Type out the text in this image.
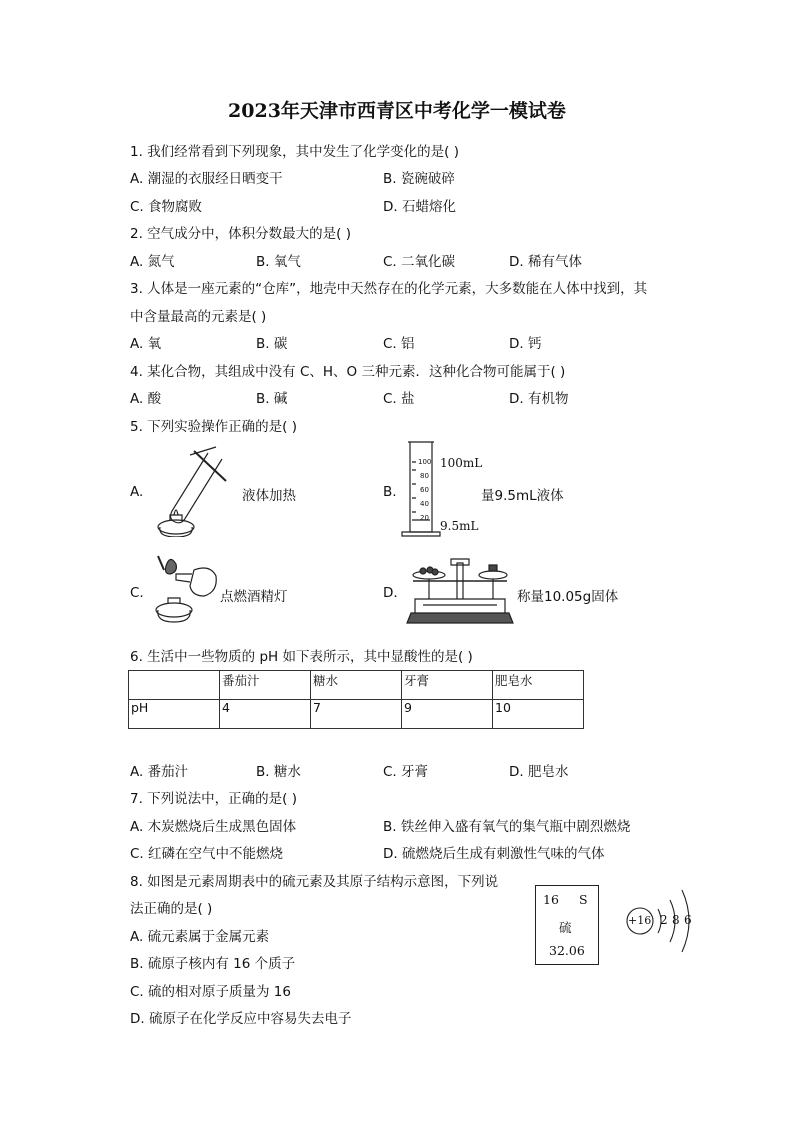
2023年天津市西青区中考化学一模试卷
1. 我们经常看到下列现象，其中发生了化学变化的是( )
A. 潮湿的衣服经日晒变干	B. 瓷碗破碎
C. 食物腐败	D. 石蜡熔化
2. 空气成分中，体积分数最大的是( )
A. 氮气	B. 氧气	C. 二氧化碳	D. 稀有气体
3. 人体是一座元素的“仓库”，地壳中天然存在的化学元素，大多数能在人体中找到，其
中含量最高的元素是( )
A. 氧	B. 碳	C. 铝	D. 钙
4. 某化合物，其组成中没有 C、H、O 三种元素．这种化合物可能属于( )
A. 酸	B. 碱	C. 盐	D. 有机物
5. 下列实验操作正确的是( )
A.	液体加热	B.
100
80
60
40
20
100mL
量9.5mL液体
9.5mL
C.	点燃酒精灯	D.	称量10.05g固体
6. 生活中一些物质的 pH 如下表所示，其中显酸性的是( )
	番茄汁	糖水	牙膏	肥皂水
pH	4	7	9	10
A. 番茄汁	B. 糖水	C. 牙膏	D. 肥皂水
7. 下列说法中，正确的是( )
A. 木炭燃烧后生成黑色固体	B. 铁丝伸入盛有氧气的集气瓶中剧烈燃烧
C. 红磷在空气中不能燃烧	D. 硫燃烧后生成有刺激性气味的气体
8. 如图是元素周期表中的硫元素及其原子结构示意图，下列说
法正确的是( )
A. 硫元素属于金属元素
B. 硫原子核内有 16 个质子
C. 硫的相对原子质量为 16
D. 硫原子在化学反应中容易失去电子
16 S
硫
32.06
+16 2 8 6
